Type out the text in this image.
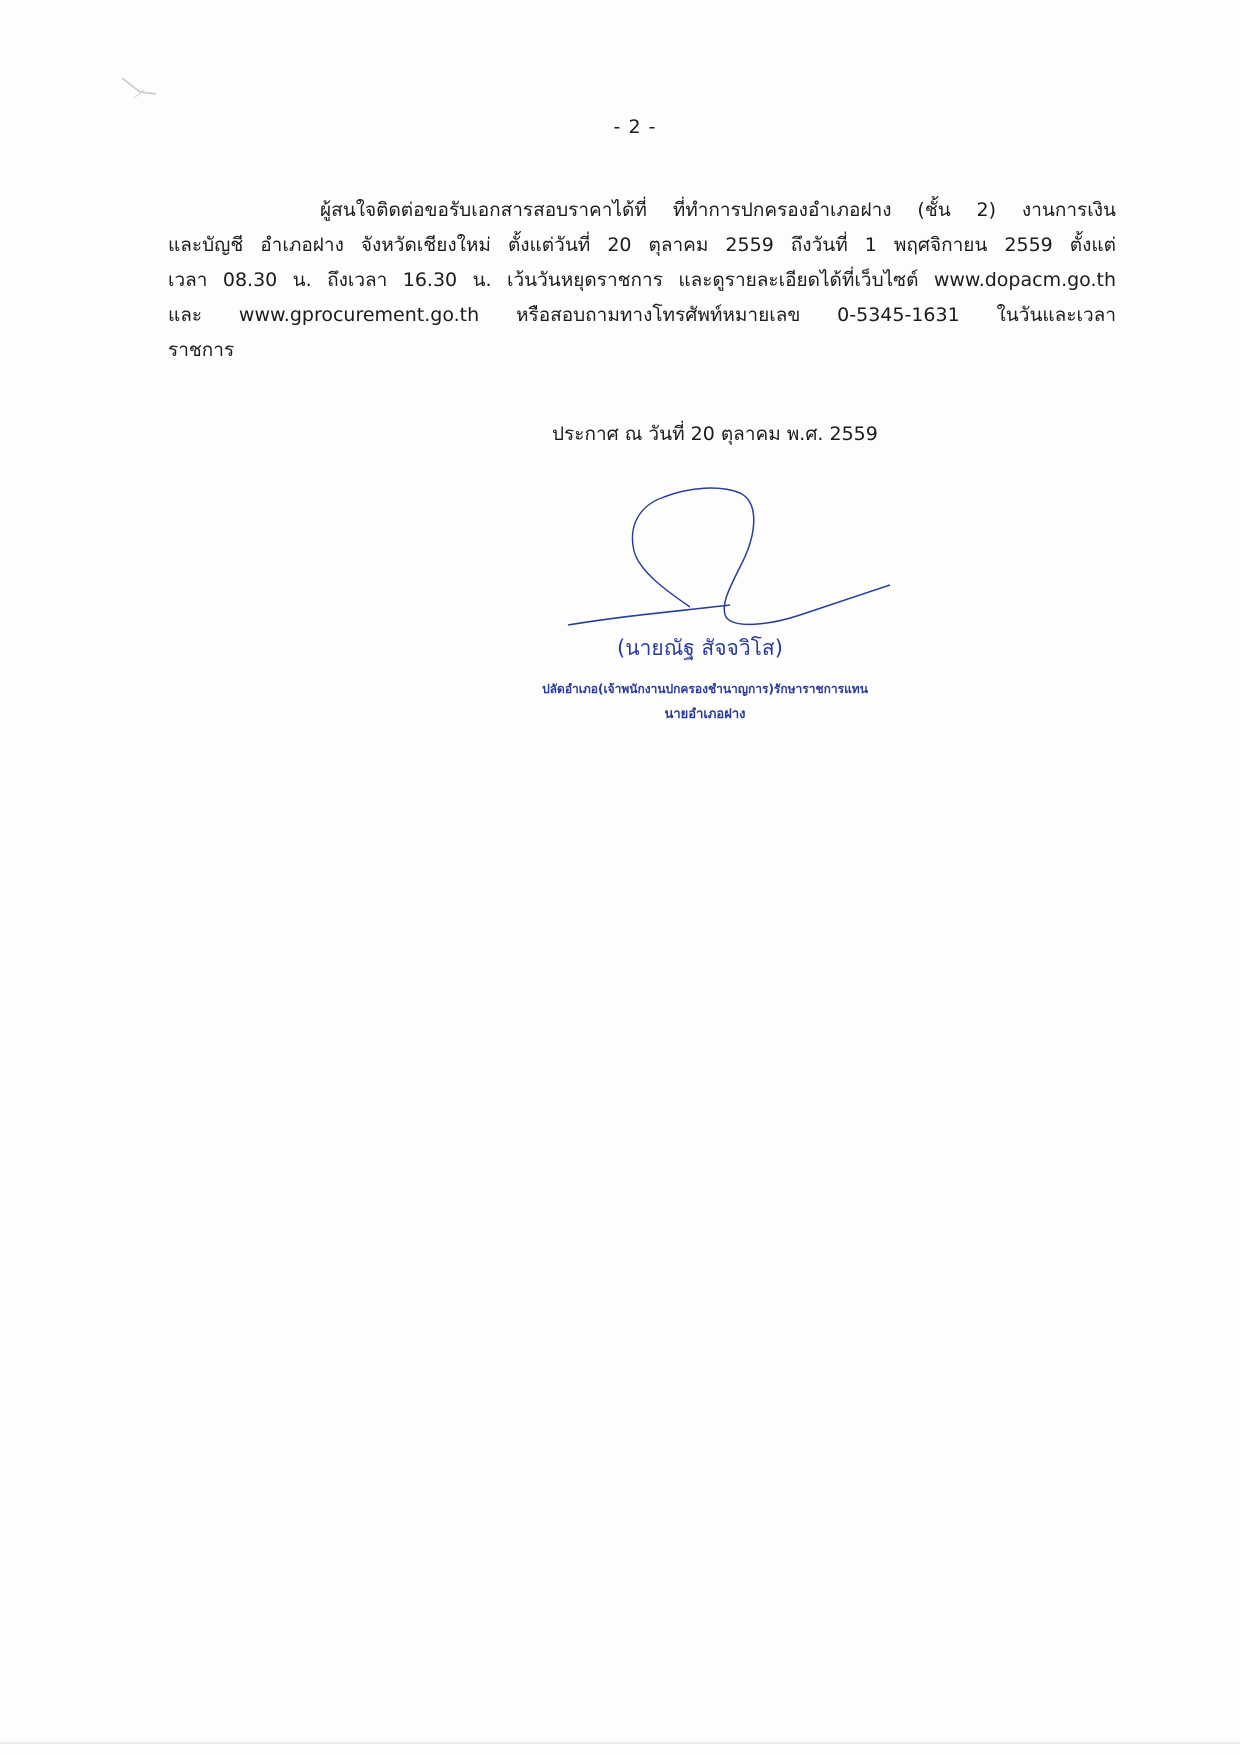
- 2 -
ผู้สนใจติดต่อขอรับเอกสารสอบราคาได้ที่ ที่ทำการปกครองอำเภอฝาง (ชั้น 2) งานการเงิน
และบัญชี อำเภอฝาง จังหวัดเชียงใหม่ ตั้งแต่วันที่ 20 ตุลาคม 2559 ถึงวันที่ 1 พฤศจิกายน 2559 ตั้งแต่
เวลา 08.30 น. ถึงเวลา 16.30 น. เว้นวันหยุดราชการ และดูรายละเอียดได้ที่เว็บไซต์ www.dopacm.go.th
และ www.gprocurement.go.th หรือสอบถามทางโทรศัพท์หมายเลข 0-5345-1631 ในวันและเวลา
ราชการ
ประกาศ ณ วันที่ 20 ตุลาคม พ.ศ. 2559
(นายณัฐ สัจจวิโส)
ปลัดอำเภอ(เจ้าพนักงานปกครองชำนาญการ)รักษาราชการแทน
นายอำเภอฝาง
